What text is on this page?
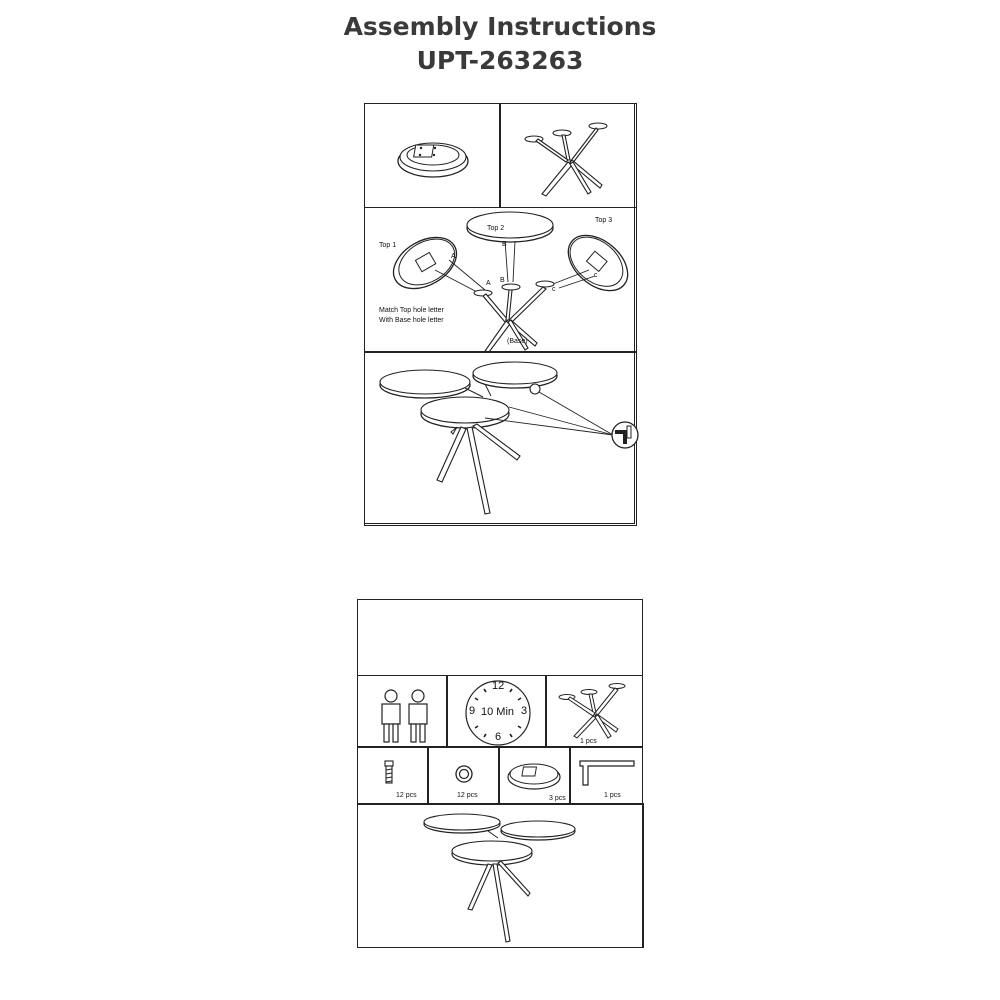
Assembly Instructions
UPT-263263
Top 1
Top 2
Top 3
A
A
B
B
c
c
Match Top hole letter
With Base hole letter
(Base)
12
3
6
9 10 Min
1 pcs
12 pcs	12 pcs	3 pcs	1 pcs
